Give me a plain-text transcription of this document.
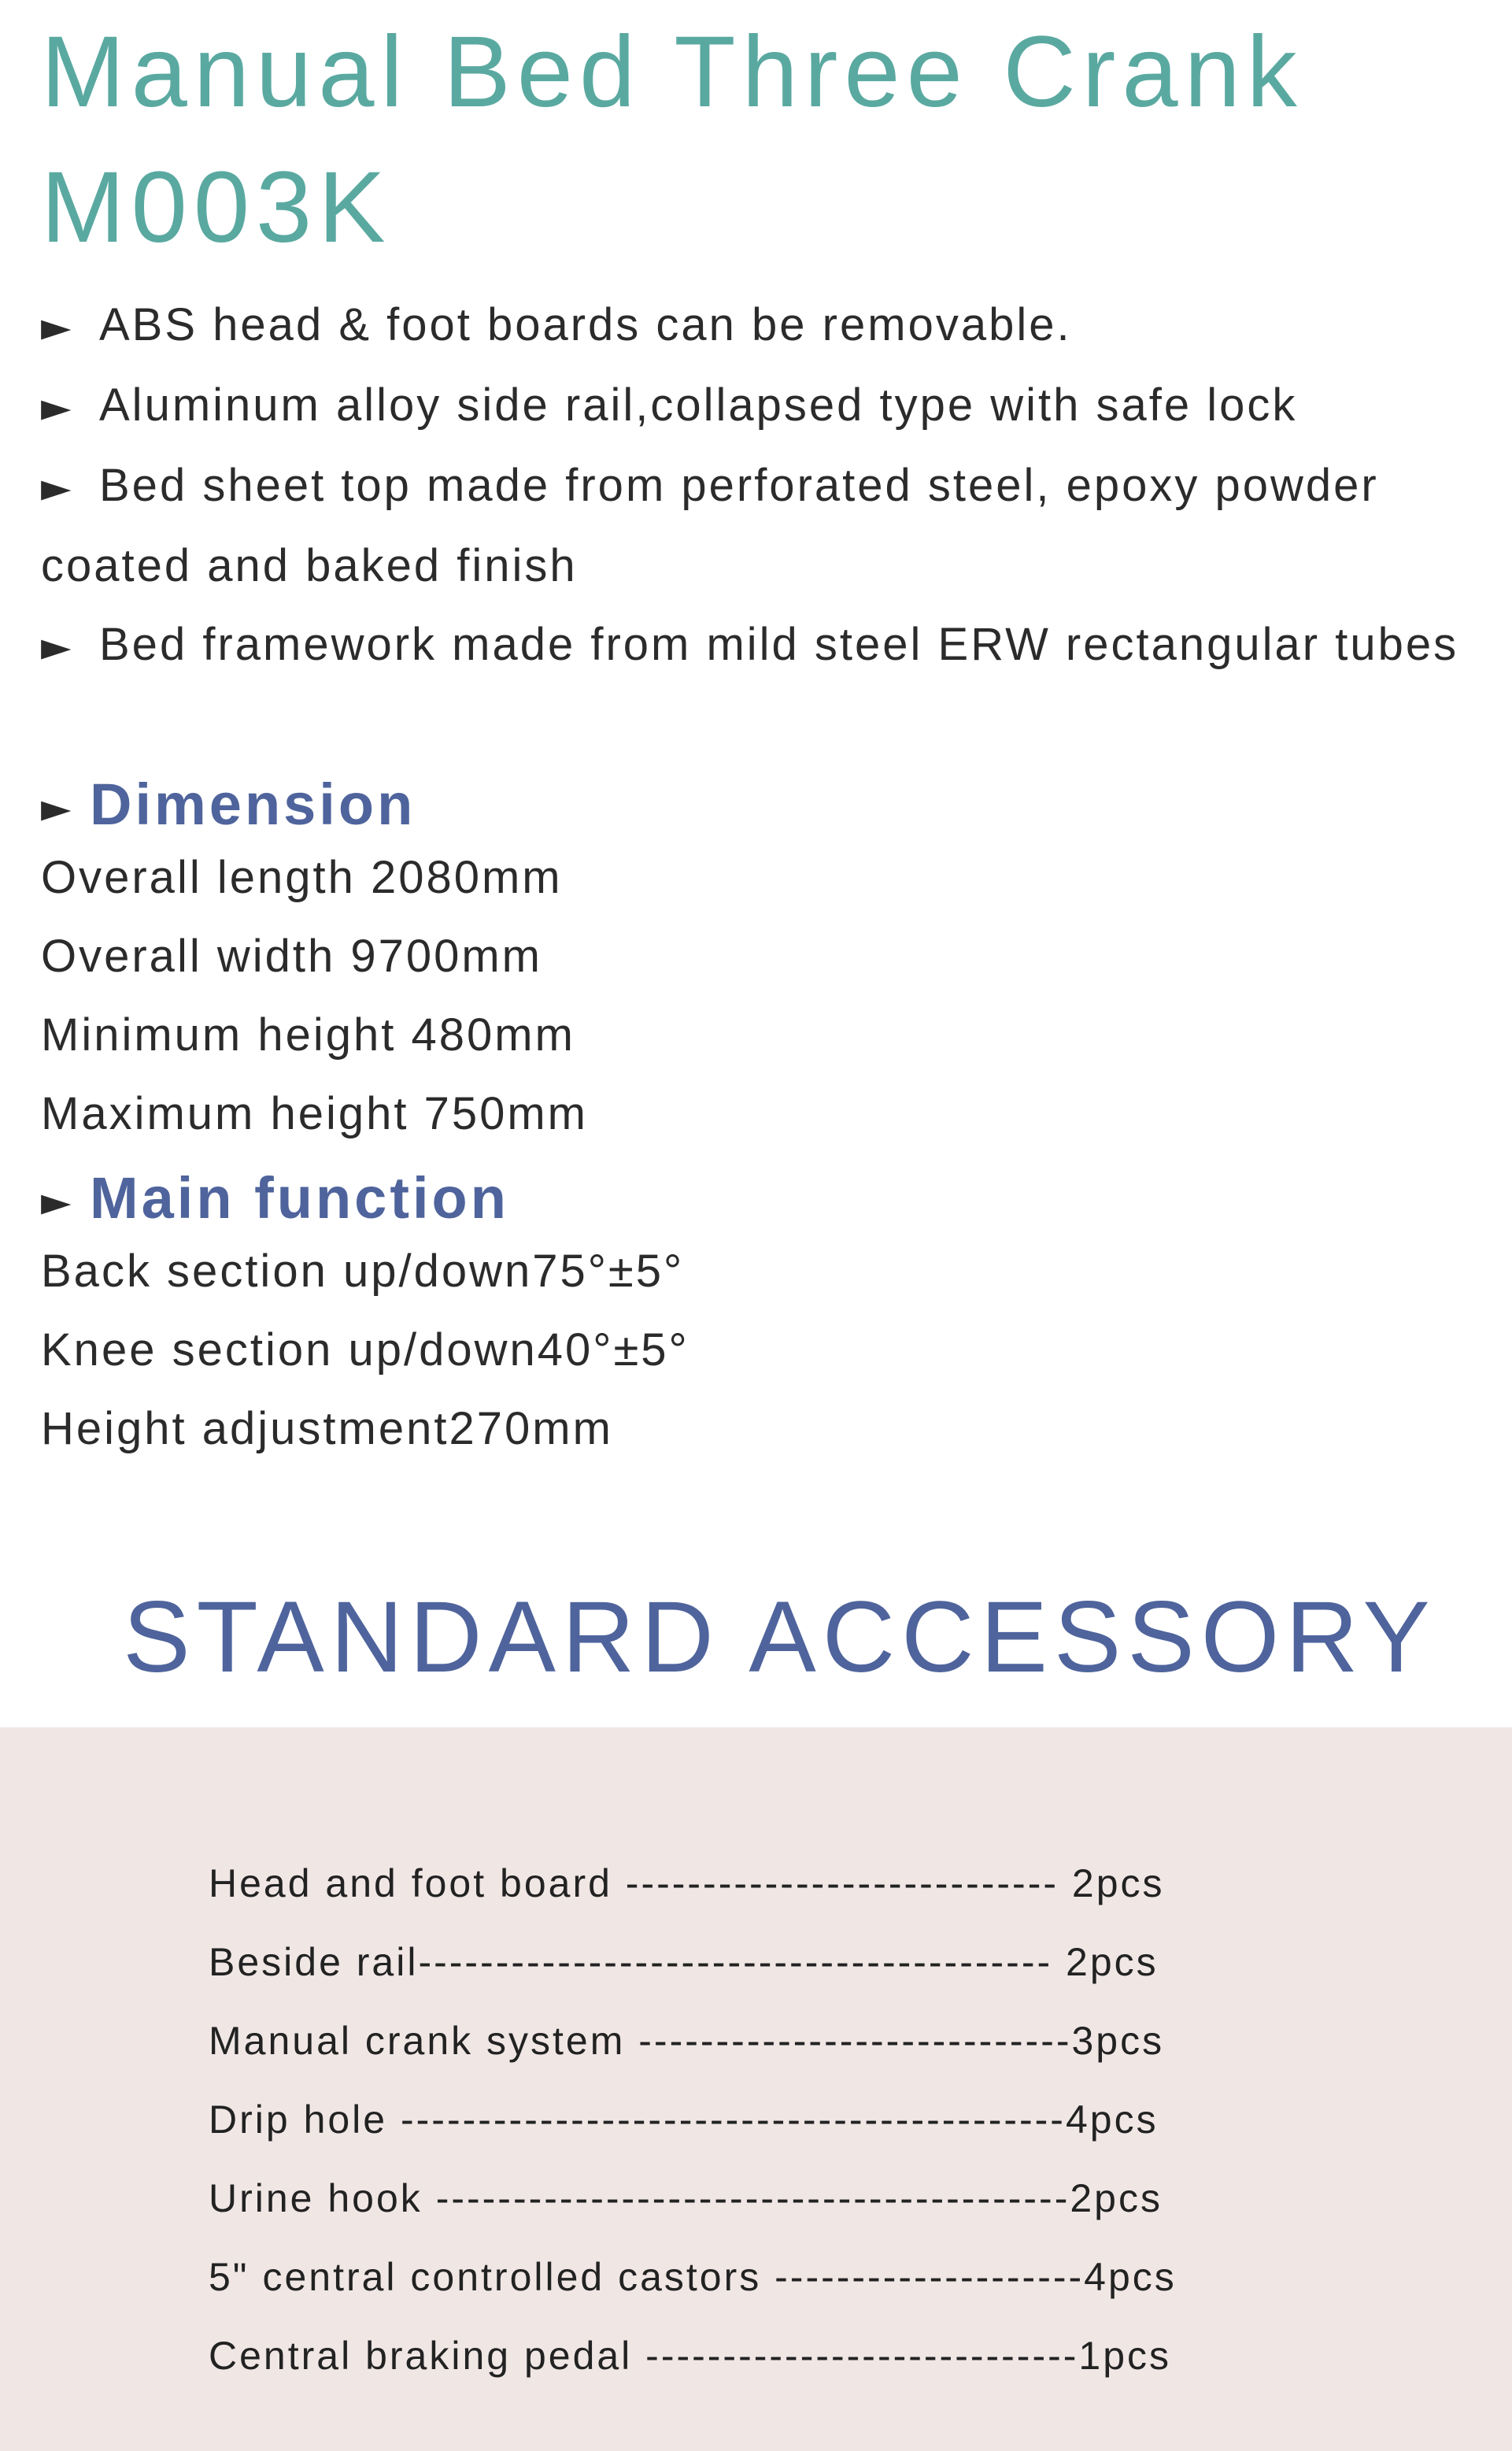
Manual Bed Three Crank
M003K
► ABS head & foot boards can be removable.
► Aluminum alloy side rail,collapsed type with safe lock
► Bed sheet top made from perforated steel, epoxy powder coated and baked finish
► Bed framework made from mild steel ERW rectangular tubes
► Dimension
Overall length 2080mm
Overall width 9700mm
Minimum height 480mm
Maximum height 750mm
► Main function
Back section up/down75°±5°
Knee section up/down40°±5°
Height adjustment270mm
STANDARD ACCESSORY
Head and foot board ---------------------------- 2pcs
Beside rail----------------------------------------- 2pcs
Manual crank system ----------------------------3pcs
Drip hole -------------------------------------------4pcs
Urine hook -----------------------------------------2pcs
5" central controlled castors --------------------4pcs
Central braking pedal ----------------------------1pcs
